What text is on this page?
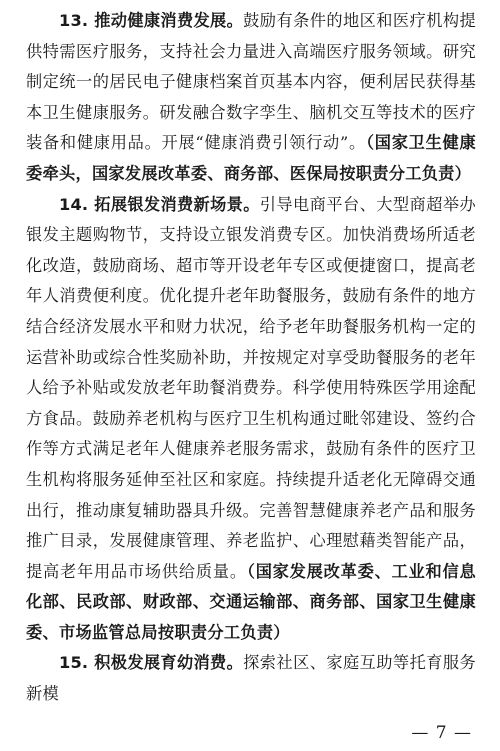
13. 推动健康消费发展。鼓励有条件的地区和医疗机构提供特需医疗服务，支持社会力量进入高端医疗服务领域。研究制定统一的居民电子健康档案首页基本内容，便利居民获得基本卫生健康服务。研发融合数字孪生、脑机交互等技术的医疗装备和健康用品。开展“健康消费引领行动”。（国家卫生健康委牵头，国家发展改革委、商务部、医保局按职责分工负责）

14. 拓展银发消费新场景。引导电商平台、大型商超举办银发主题购物节，支持设立银发消费专区。加快消费场所适老化改造，鼓励商场、超市等开设老年专区或便捷窗口，提高老年人消费便利度。优化提升老年助餐服务，鼓励有条件的地方结合经济发展水平和财力状况，给予老年助餐服务机构一定的运营补助或综合性奖励补助，并按规定对享受助餐服务的老年人给予补贴或发放老年助餐消费券。科学使用特殊医学用途配方食品。鼓励养老机构与医疗卫生机构通过毗邻建设、签约合作等方式满足老年人健康养老服务需求，鼓励有条件的医疗卫生机构将服务延伸至社区和家庭。持续提升适老化无障碍交通出行，推动康复辅助器具升级。完善智慧健康养老产品和服务推广目录，发展健康管理、养老监护、心理慰藉类智能产品，提高老年用品市场供给质量。（国家发展改革委、工业和信息化部、民政部、财政部、交通运输部、商务部、国家卫生健康委、市场监管总局按职责分工负责）

15. 积极发展育幼消费。探索社区、家庭互助等托育服务新模

— 7 —
